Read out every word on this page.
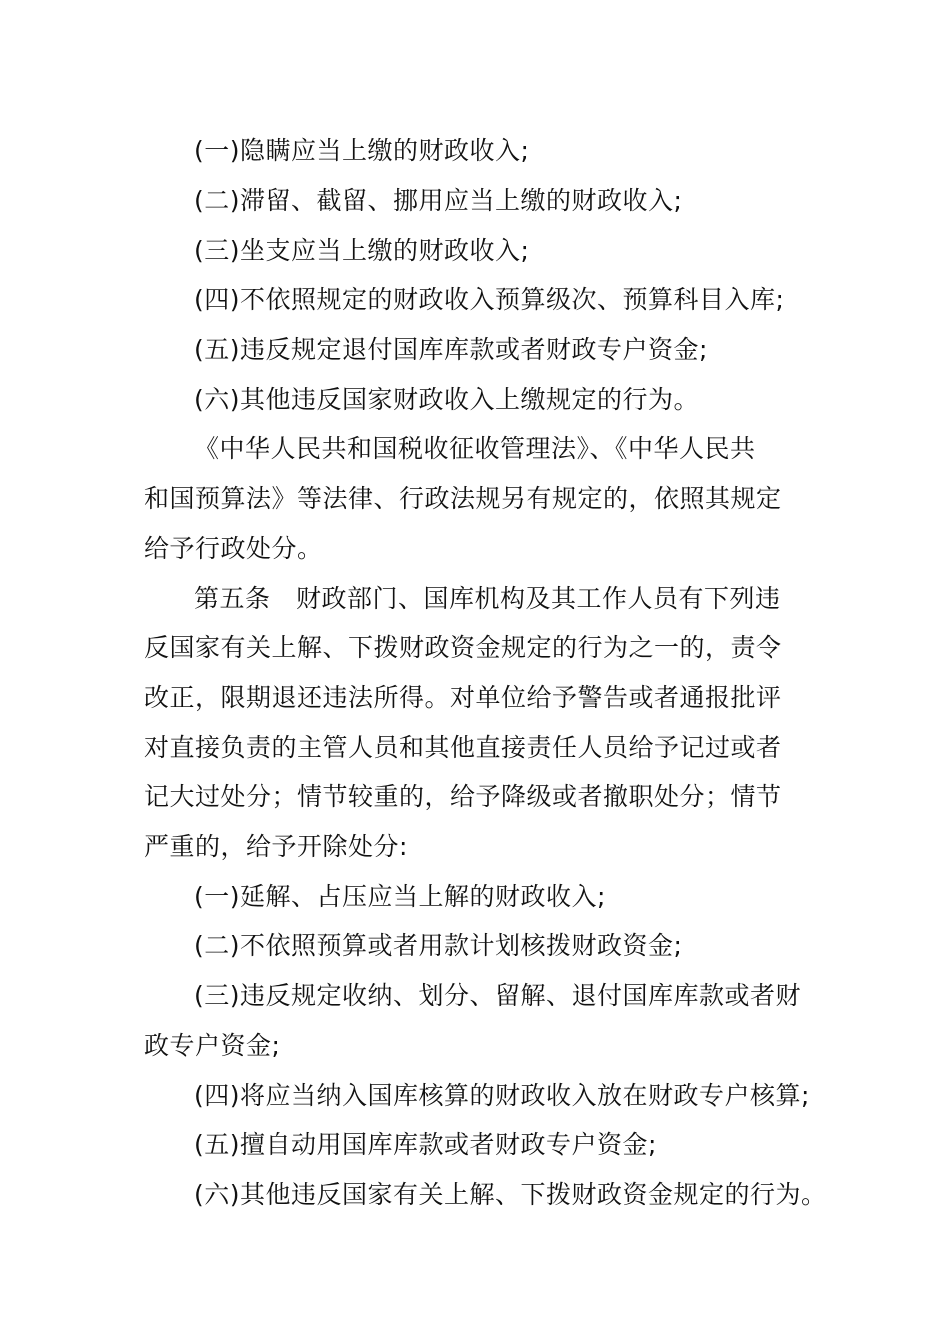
(一)隐瞒应当上缴的财政收入;
(二)滞留、截留、挪用应当上缴的财政收入;
(三)坐支应当上缴的财政收入;
(四)不依照规定的财政收入预算级次、预算科目入库;
(五)违反规定退付国库库款或者财政专户资金;
(六)其他违反国家财政收入上缴规定的行为。
《中华人民共和国税收征收管理法》、《中华人民共
和国预算法》等法律、行政法规另有规定的，依照其规定
给予行政处分。
第五条　财政部门、国库机构及其工作人员有下列违
反国家有关上解、下拨财政资金规定的行为之一的，责令
改正，限期退还违法所得。对单位给予警告或者通报批评
对直接负责的主管人员和其他直接责任人员给予记过或者
记大过处分；情节较重的，给予降级或者撤职处分；情节
严重的，给予开除处分:
(一)延解、占压应当上解的财政收入;
(二)不依照预算或者用款计划核拨财政资金;
(三)违反规定收纳、划分、留解、退付国库库款或者财
政专户资金;
(四)将应当纳入国库核算的财政收入放在财政专户核算;
(五)擅自动用国库库款或者财政专户资金;
(六)其他违反国家有关上解、下拨财政资金规定的行为。
